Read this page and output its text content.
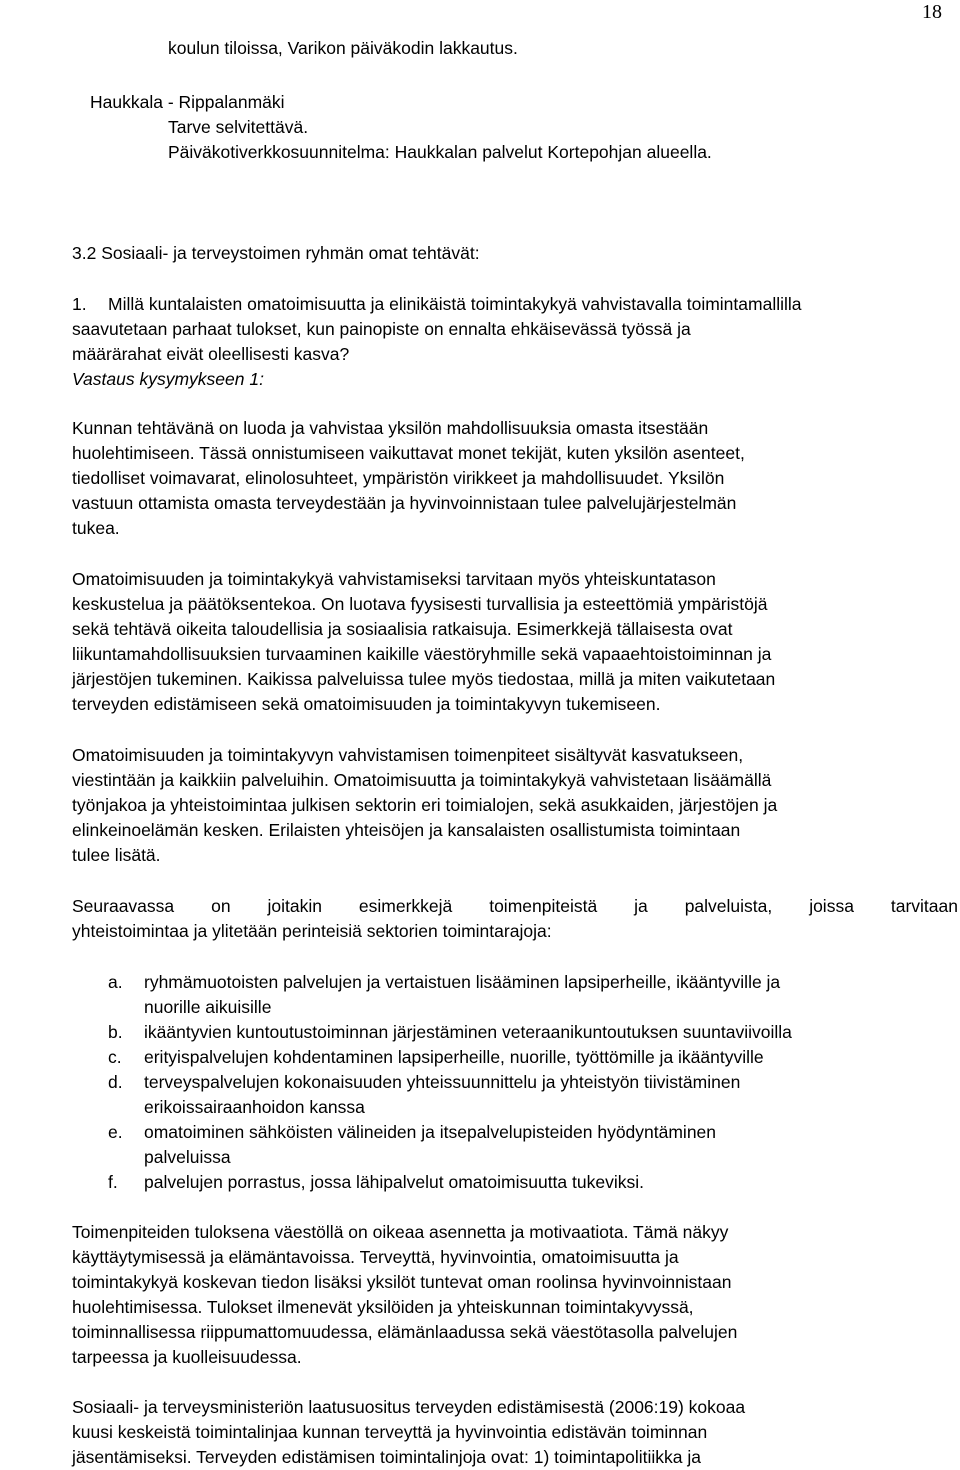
18
koulun tiloissa, Varikon päiväkodin lakkautus.
Haukkala - Rippalanmäki
Tarve selvitettävä.
Päiväkotiverkkosuunnitelma: Haukkalan palvelut Kortepohjan alueella.
3.2 Sosiaali- ja terveystoimen ryhmän omat tehtävät:
1. Millä kuntalaisten omatoimisuutta ja elinikäistä toimintakykyä vahvistavalla toimintamallilla
saavutetaan parhaat tulokset, kun painopiste on ennalta ehkäisevässä työssä ja
määrärahat eivät oleellisesti kasva?
Vastaus kysymykseen 1:
Kunnan tehtävänä on luoda ja vahvistaa yksilön mahdollisuuksia omasta itsestään
huolehtimiseen. Tässä onnistumiseen vaikuttavat monet tekijät, kuten yksilön asenteet,
tiedolliset voimavarat, elinolosuhteet, ympäristön virikkeet ja mahdollisuudet. Yksilön
vastuun ottamista omasta terveydestään ja hyvinvoinnistaan tulee palvelujärjestelmän
tukea.
Omatoimisuuden ja toimintakykyä vahvistamiseksi tarvitaan myös yhteiskuntatason
keskustelua ja päätöksentekoa. On luotava fyysisesti turvallisia ja esteettömiä ympäristöjä
sekä tehtävä oikeita taloudellisia ja sosiaalisia ratkaisuja. Esimerkkejä tällaisesta ovat
liikuntamahdollisuuksien turvaaminen kaikille väestöryhmille sekä vapaaehtoistoiminnan ja
järjestöjen tukeminen. Kaikissa palveluissa tulee myös tiedostaa, millä ja miten vaikutetaan
terveyden edistämiseen sekä omatoimisuuden ja toimintakyvyn tukemiseen.
Omatoimisuuden ja toimintakyvyn vahvistamisen toimenpiteet sisältyvät kasvatukseen,
viestintään ja kaikkiin palveluihin. Omatoimisuutta ja toimintakykyä vahvistetaan lisäämällä
työnjakoa ja yhteistoimintaa julkisen sektorin eri toimialojen, sekä asukkaiden, järjestöjen ja
elinkeinoelämän kesken. Erilaisten yhteisöjen ja kansalaisten osallistumista toimintaan
tulee lisätä.
Seuraavassa on joitakin esimerkkejä toimenpiteistä ja palveluista, joissa tarvitaan
yhteistoimintaa ja ylitetään perinteisiä sektorien toimintarajoja:
a. ryhmämuotoisten palvelujen ja vertaistuen lisääminen lapsiperheille, ikääntyville ja
nuorille aikuisille
b. ikääntyvien kuntoutustoiminnan järjestäminen veteraanikuntoutuksen suuntaviivoilla
c. erityispalvelujen kohdentaminen lapsiperheille, nuorille, työttömille ja ikääntyville
d. terveyspalvelujen kokonaisuuden yhteissuunnittelu ja yhteistyön tiivistäminen
erikoissairaanhoidon kanssa
e. omatoiminen sähköisten välineiden ja itsepalvelupisteiden hyödyntäminen
palveluissa
f. palvelujen porrastus, jossa lähipalvelut omatoimisuutta tukeviksi.
Toimenpiteiden tuloksena väestöllä on oikeaa asennetta ja motivaatiota. Tämä näkyy
käyttäytymisessä ja elämäntavoissa. Terveyttä, hyvinvointia, omatoimisuutta ja
toimintakykyä koskevan tiedon lisäksi yksilöt tuntevat oman roolinsa hyvinvoinnistaan
huolehtimisessa. Tulokset ilmenevät yksilöiden ja yhteiskunnan toimintakyvyssä,
toiminnallisessa riippumattomuudessa, elämänlaadussa sekä väestötasolla palvelujen
tarpeessa ja kuolleisuudessa.
Sosiaali- ja terveysministeriön laatusuositus terveyden edistämisestä (2006:19) kokoaa
kuusi keskeistä toimintalinjaa kunnan terveyttä ja hyvinvointia edistävän toiminnan
jäsentämiseksi. Terveyden edistämisen toimintalinjoja ovat: 1) toimintapolitiikka ja
